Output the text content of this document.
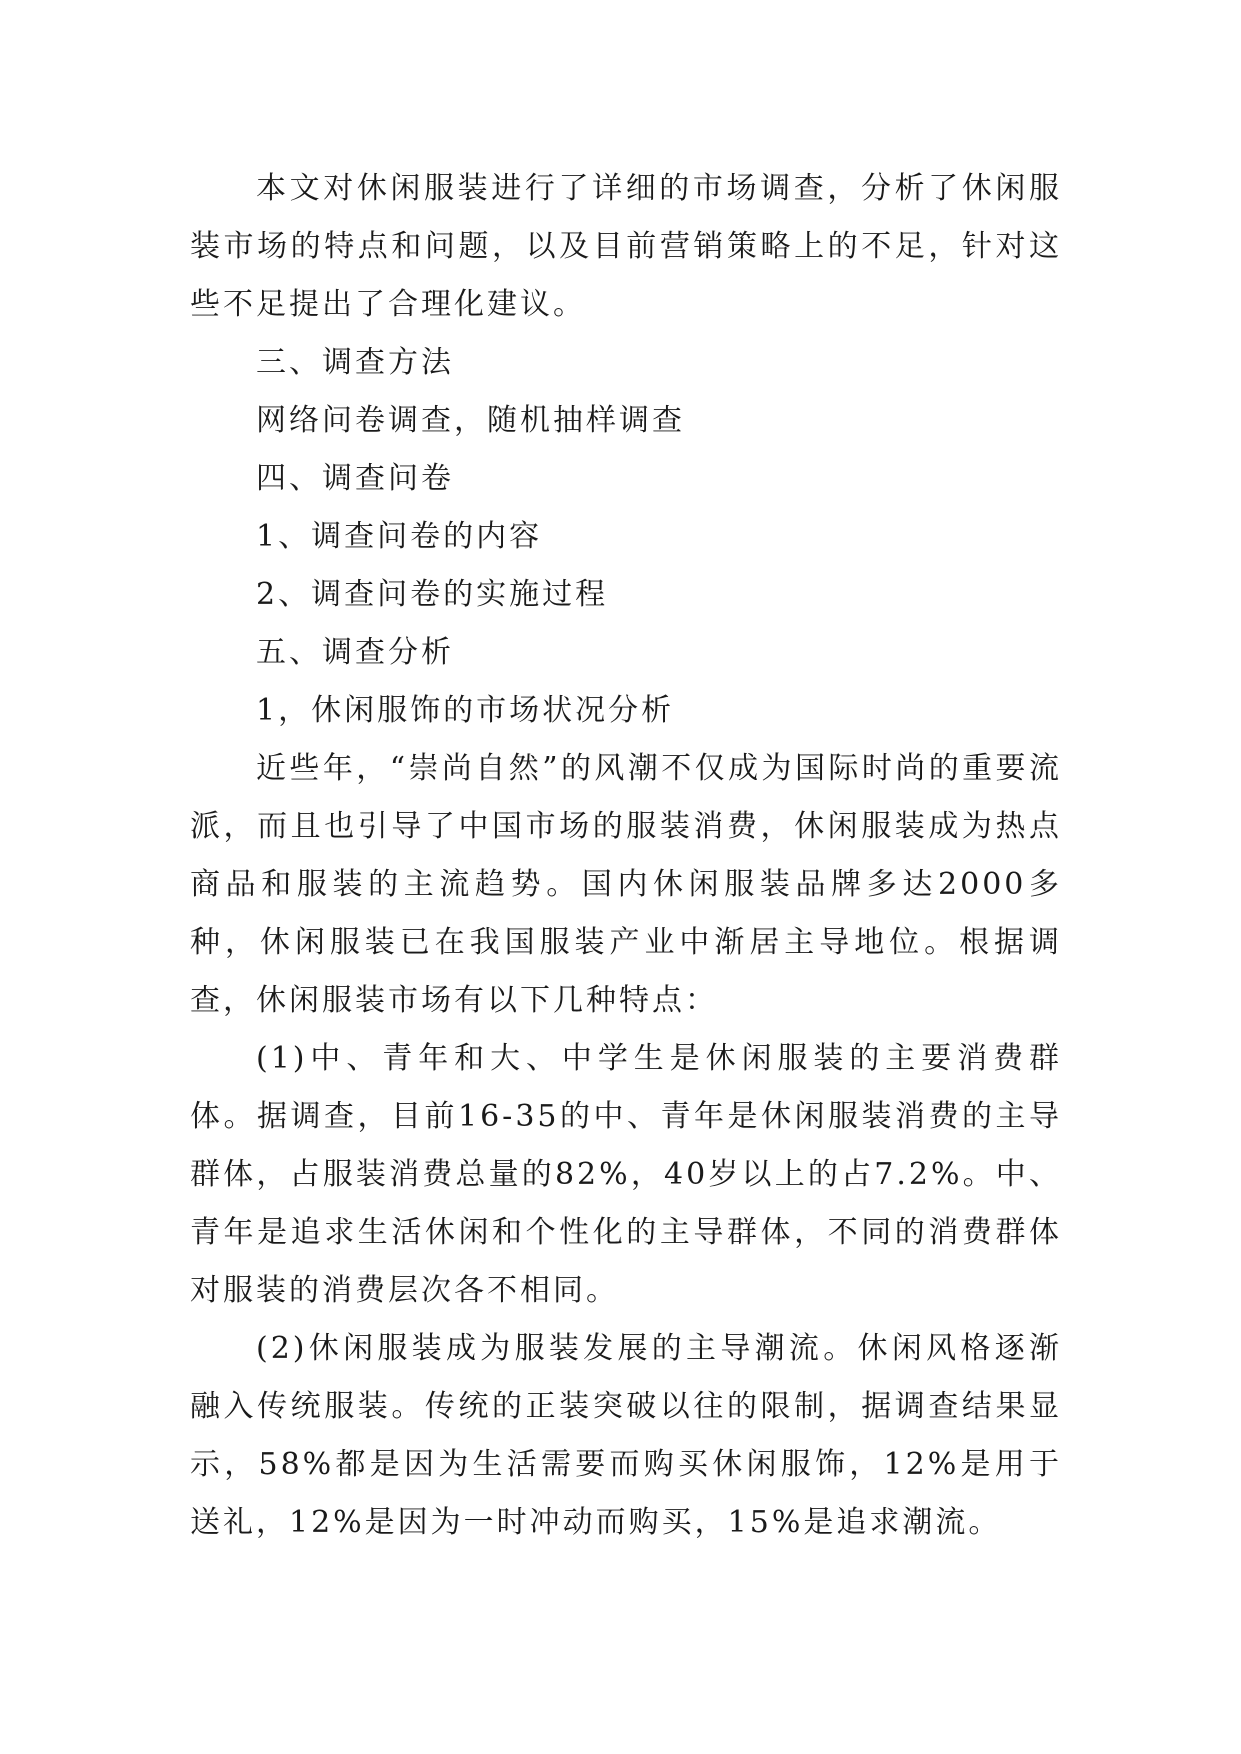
本文对休闲服装进行了详细的市场调查，分析了休闲服装市场的特点和问题，以及目前营销策略上的不足，针对这些不足提出了合理化建议。

三、调查方法

网络问卷调查，随机抽样调查

四、调查问卷

1、调查问卷的内容

2、调查问卷的实施过程

五、调查分析

1，休闲服饰的市场状况分析

近些年，“崇尚自然”的风潮不仅成为国际时尚的重要流派，而且也引导了中国市场的服装消费，休闲服装成为热点商品和服装的主流趋势。国内休闲服装品牌多达2000多种，休闲服装已在我国服装产业中渐居主导地位。根据调查，休闲服装市场有以下几种特点：

(1)中、青年和大、中学生是休闲服装的主要消费群体。据调查，目前16-35的中、青年是休闲服装消费的主导群体，占服装消费总量的82%，40岁以上的占7.2%。中、青年是追求生活休闲和个性化的主导群体，不同的消费群体对服装的消费层次各不相同。

(2)休闲服装成为服装发展的主导潮流。休闲风格逐渐融入传统服装。传统的正装突破以往的限制，据调查结果显示，58%都是因为生活需要而购买休闲服饰，12%是用于送礼，12%是因为一时冲动而购买，15%是追求潮流。
